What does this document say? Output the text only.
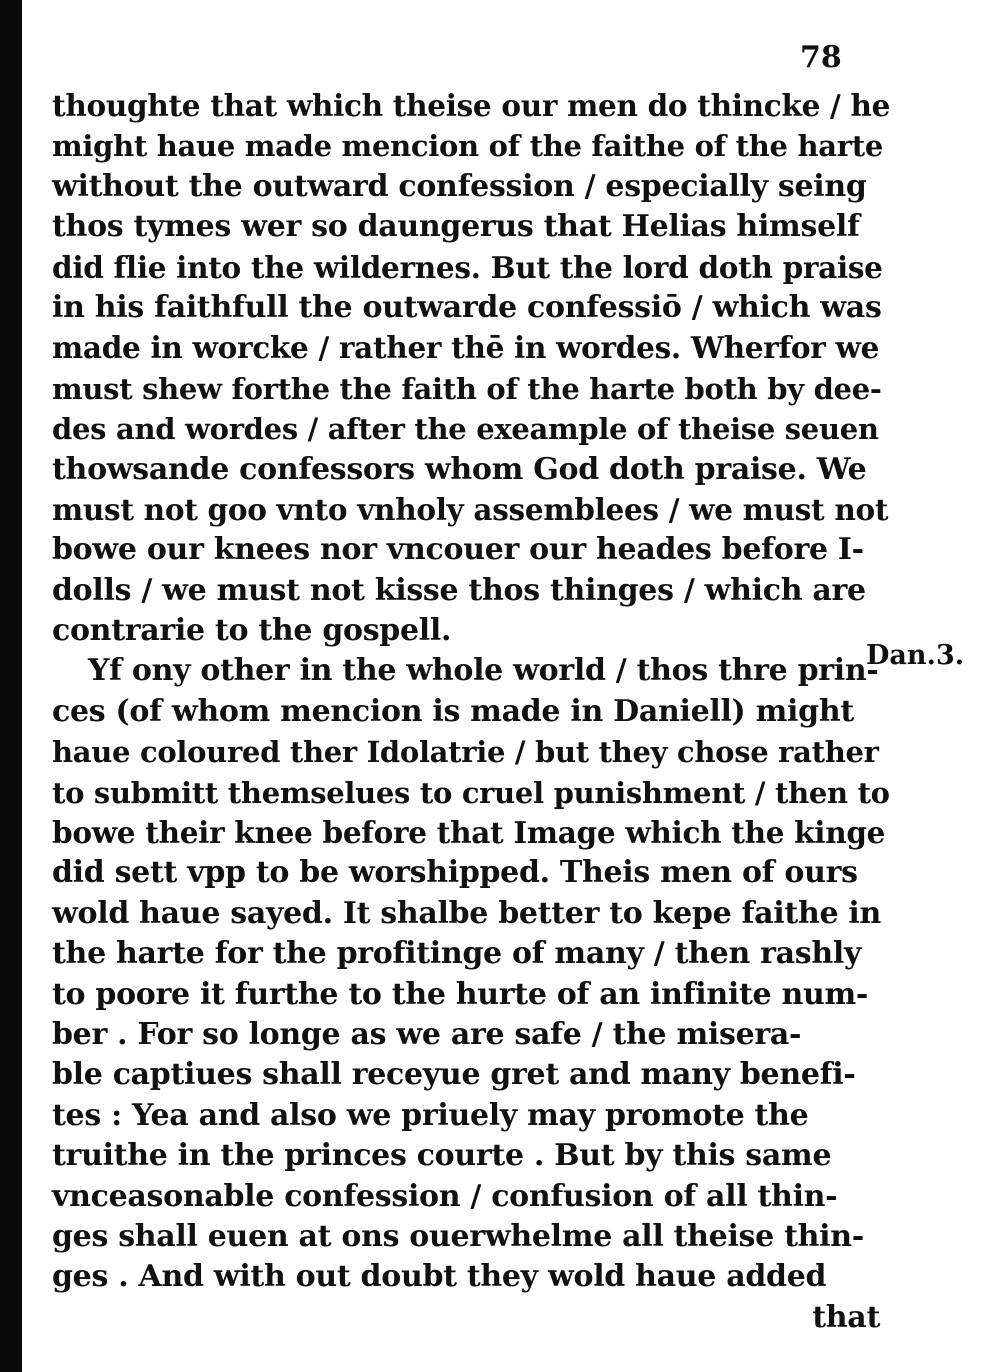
78
Dan.3.
thoughte that which theise our men do thincke / he
might haue made mencion of the faithe of the harte
without the outward confession / especially seing
thos tymes wer so daungerus that Helias himself
did flie into the wildernes. But the lord doth praise
in his faithfull the outwarde confessiō / which was
made in worcke / rather thē in wordes. Wherfor we
must shew forthe the faith of the harte both by dee-
des and wordes / after the exeample of theise seuen
thowsande confessors whom God doth praise. We
must not goo vnto vnholy assemblees / we must not
bowe our knees nor vncouer our heades before I-
dolls / we must not kisse thos thinges / which are
contrarie to the gospell.
Yf ony other in the whole world / thos thre prin-
ces (of whom mencion is made in Daniell) might
haue coloured ther Idolatrie / but they chose rather
to submitt themselues to cruel punishment / then to
bowe their knee before that Image which the kinge
did sett vpp to be worshipped. Theis men of ours
wold haue sayed. It shalbe better to kepe faithe in
the harte for the profitinge of many / then rashly
to poore it furthe to the hurte of an infinite num-
ber . For so longe as we are safe / the misera-
ble captiues shall receyue gret and many benefi-
tes : Yea and also we priuely may promote the
truithe in the princes courte . But by this same
vnceasonable confession / confusion of all thin-
ges shall euen at ons ouerwhelme all theise thin-
ges . And with out doubt they wold haue added
that
